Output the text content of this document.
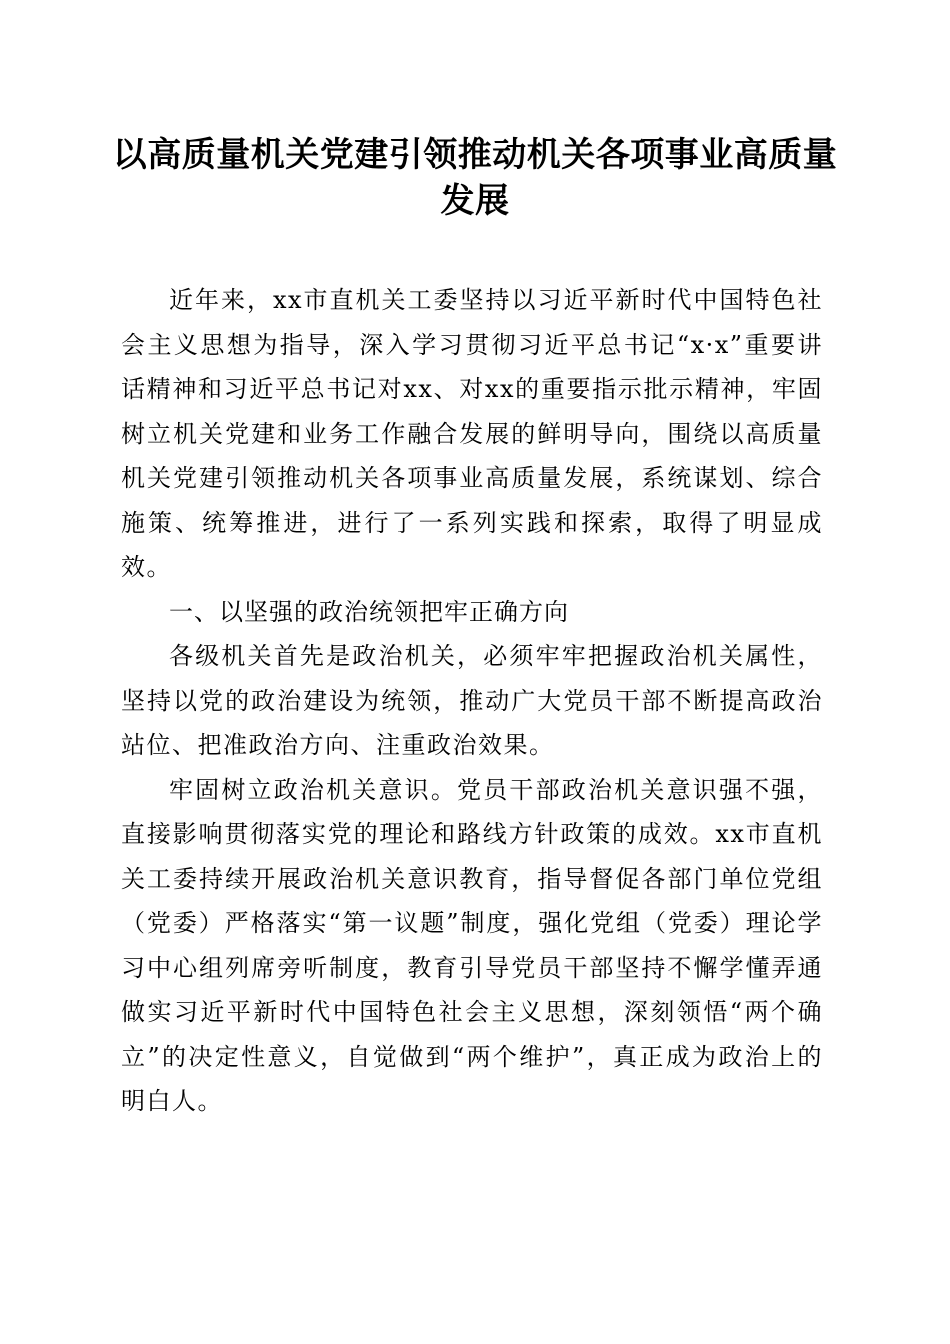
以高质量机关党建引领推动机关各项事业高质量发展

近年来，xx市直机关工委坚持以习近平新时代中国特色社会主义思想为指导，深入学习贯彻习近平总书记“x·x”重要讲话精神和习近平总书记对xx、对xx的重要指示批示精神，牢固树立机关党建和业务工作融合发展的鲜明导向，围绕以高质量机关党建引领推动机关各项事业高质量发展，系统谋划、综合施策、统筹推进，进行了一系列实践和探索，取得了明显成效。

一、以坚强的政治统领把牢正确方向

各级机关首先是政治机关，必须牢牢把握政治机关属性，坚持以党的政治建设为统领，推动广大党员干部不断提高政治站位、把准政治方向、注重政治效果。

牢固树立政治机关意识。党员干部政治机关意识强不强，直接影响贯彻落实党的理论和路线方针政策的成效。xx市直机关工委持续开展政治机关意识教育，指导督促各部门单位党组（党委）严格落实“第一议题”制度，强化党组（党委）理论学习中心组列席旁听制度，教育引导党员干部坚持不懈学懂弄通做实习近平新时代中国特色社会主义思想，深刻领悟“两个确立”的决定性意义，自觉做到“两个维护”，真正成为政治上的明白人。
